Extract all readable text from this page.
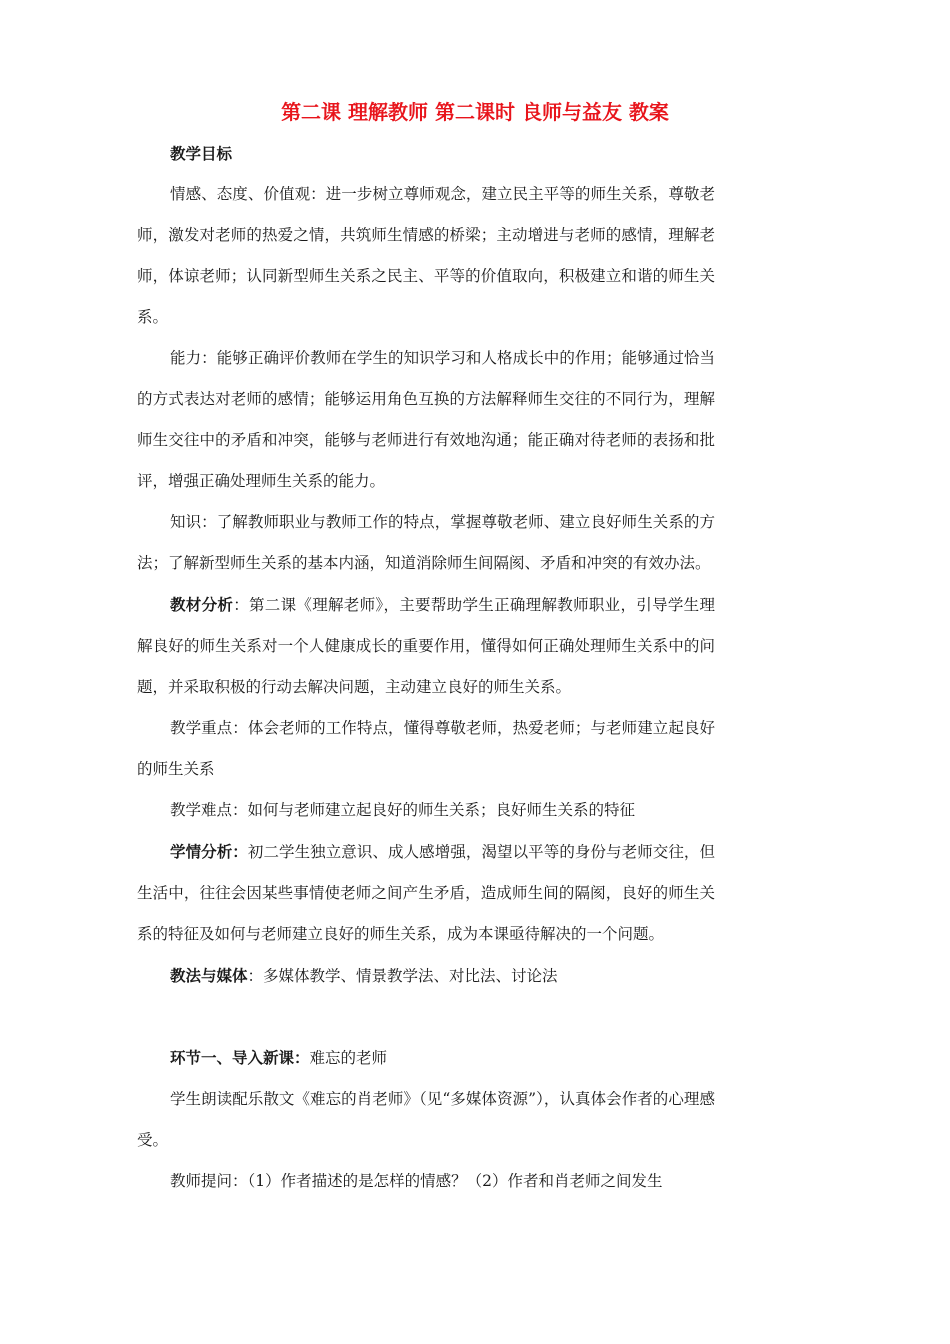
第二课 理解教师 第二课时 良师与益友 教案

教学目标

情感、态度、价值观：进一步树立尊师观念，建立民主平等的师生关系，尊敬老师，激发对老师的热爱之情，共筑师生情感的桥梁；主动增进与老师的感情，理解老师，体谅老师；认同新型师生关系之民主、平等的价值取向，积极建立和谐的师生关系。

能力：能够正确评价教师在学生的知识学习和人格成长中的作用；能够通过恰当的方式表达对老师的感情；能够运用角色互换的方法解释师生交往的不同行为，理解师生交往中的矛盾和冲突，能够与老师进行有效地沟通；能正确对待老师的表扬和批评，增强正确处理师生关系的能力。

知识：了解教师职业与教师工作的特点，掌握尊敬老师、建立良好师生关系的方法；了解新型师生关系的基本内涵，知道消除师生间隔阂、矛盾和冲突的有效办法。

教材分析：第二课《理解老师》，主要帮助学生正确理解教师职业，引导学生理解良好的师生关系对一个人健康成长的重要作用，懂得如何正确处理师生关系中的问题，并采取积极的行动去解决问题，主动建立良好的师生关系。

教学重点：体会老师的工作特点，懂得尊敬老师，热爱老师；与老师建立起良好的师生关系

教学难点：如何与老师建立起良好的师生关系；良好师生关系的特征

学情分析：初二学生独立意识、成人感增强，渴望以平等的身份与老师交往，但生活中，往往会因某些事情使老师之间产生矛盾，造成师生间的隔阂，良好的师生关系的特征及如何与老师建立良好的师生关系，成为本课亟待解决的一个问题。

教法与媒体：多媒体教学、情景教学法、对比法、讨论法

环节一、导入新课：难忘的老师

学生朗读配乐散文《难忘的肖老师》（见“多媒体资源”），认真体会作者的心理感受。

教师提问：（1）作者描述的是怎样的情感？（2）作者和肖老师之间发生
